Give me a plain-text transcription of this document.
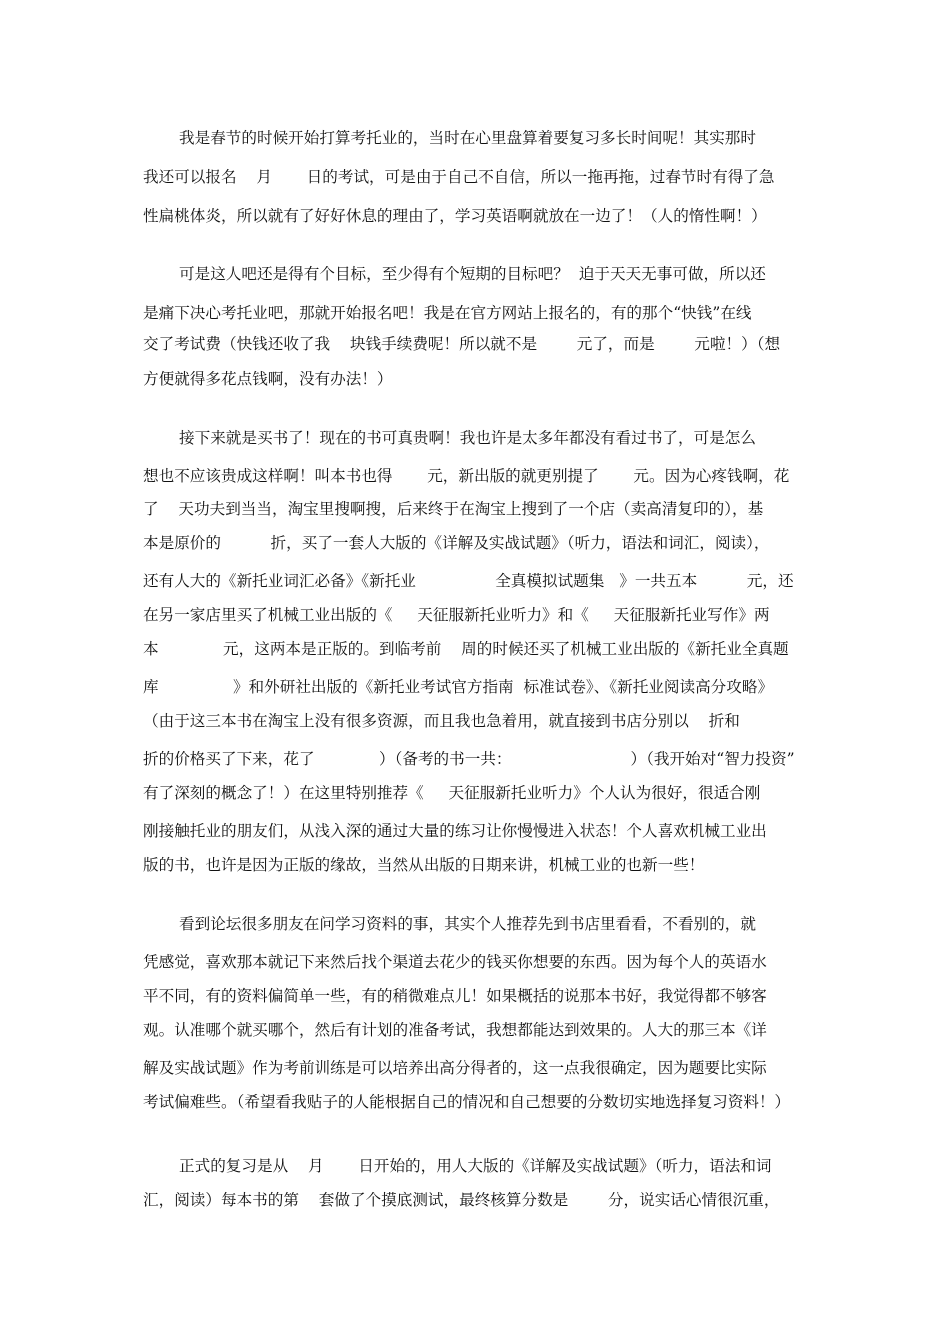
我是春节的时候开始打算考托业的，当时在心里盘算着要复习多长时间呢！其实那时
我还可以报名    月       日的考试，可是由于自己不自信，所以一拖再拖，过春节时有得了急
性扁桃体炎，所以就有了好好休息的理由了，学习英语啊就放在一边了！（人的惰性啊！）
可是这人吧还是得有个目标，至少得有个短期的目标吧？  迫于天天无事可做，所以还
是痛下决心考托业吧，那就开始报名吧！我是在官方网站上报名的，有的那个“快钱”在线
交了考试费（快钱还收了我    块钱手续费呢！所以就不是        元了，而是        元啦！）（想
方便就得多花点钱啊，没有办法！）
接下来就是买书了！现在的书可真贵啊！我也许是太多年都没有看过书了，可是怎么
想也不应该贵成这样啊！叫本书也得       元，新出版的就更别提了       元。因为心疼钱啊，花
了    天功夫到当当，淘宝里搜啊搜，后来终于在淘宝上搜到了一个店（卖高清复印的），基
本是原价的          折，买了一套人大版的《详解及实战试题》（听力，语法和词汇，阅读），
还有人大的《新托业词汇必备》《新托业                全真模拟试题集   》一共五本          元，还
在另一家店里买了机械工业出版的《     天征服新托业听力》和《     天征服新托业写作》两
本             元，这两本是正版的。到临考前    周的时候还买了机械工业出版的《新托业全真题
库               》和外研社出版的《新托业考试官方指南  标准试卷》、《新托业阅读高分攻略》
（由于这三本书在淘宝上没有很多资源，而且我也急着用，就直接到书店分别以    折和
折的价格买了下来，花了             ）（备考的书一共：                        ）（我开始对“智力投资”
有了深刻的概念了！）在这里特别推荐《     天征服新托业听力》个人认为很好，很适合刚
刚接触托业的朋友们，从浅入深的通过大量的练习让你慢慢进入状态！个人喜欢机械工业出
版的书，也许是因为正版的缘故，当然从出版的日期来讲，机械工业的也新一些！
看到论坛很多朋友在问学习资料的事，其实个人推荐先到书店里看看，不看别的，就
凭感觉，喜欢那本就记下来然后找个渠道去花少的钱买你想要的东西。因为每个人的英语水
平不同，有的资料偏简单一些，有的稍微难点儿！如果概括的说那本书好，我觉得都不够客
观。认准哪个就买哪个，然后有计划的准备考试，我想都能达到效果的。人大的那三本《详
解及实战试题》作为考前训练是可以培养出高分得者的，这一点我很确定，因为题要比实际
考试偏难些。（希望看我贴子的人能根据自己的情况和自己想要的分数切实地选择复习资料！）
正式的复习是从    月       日开始的，用人大版的《详解及实战试题》（听力，语法和词
汇，阅读）每本书的第    套做了个摸底测试，最终核算分数是        分，说实话心情很沉重，
